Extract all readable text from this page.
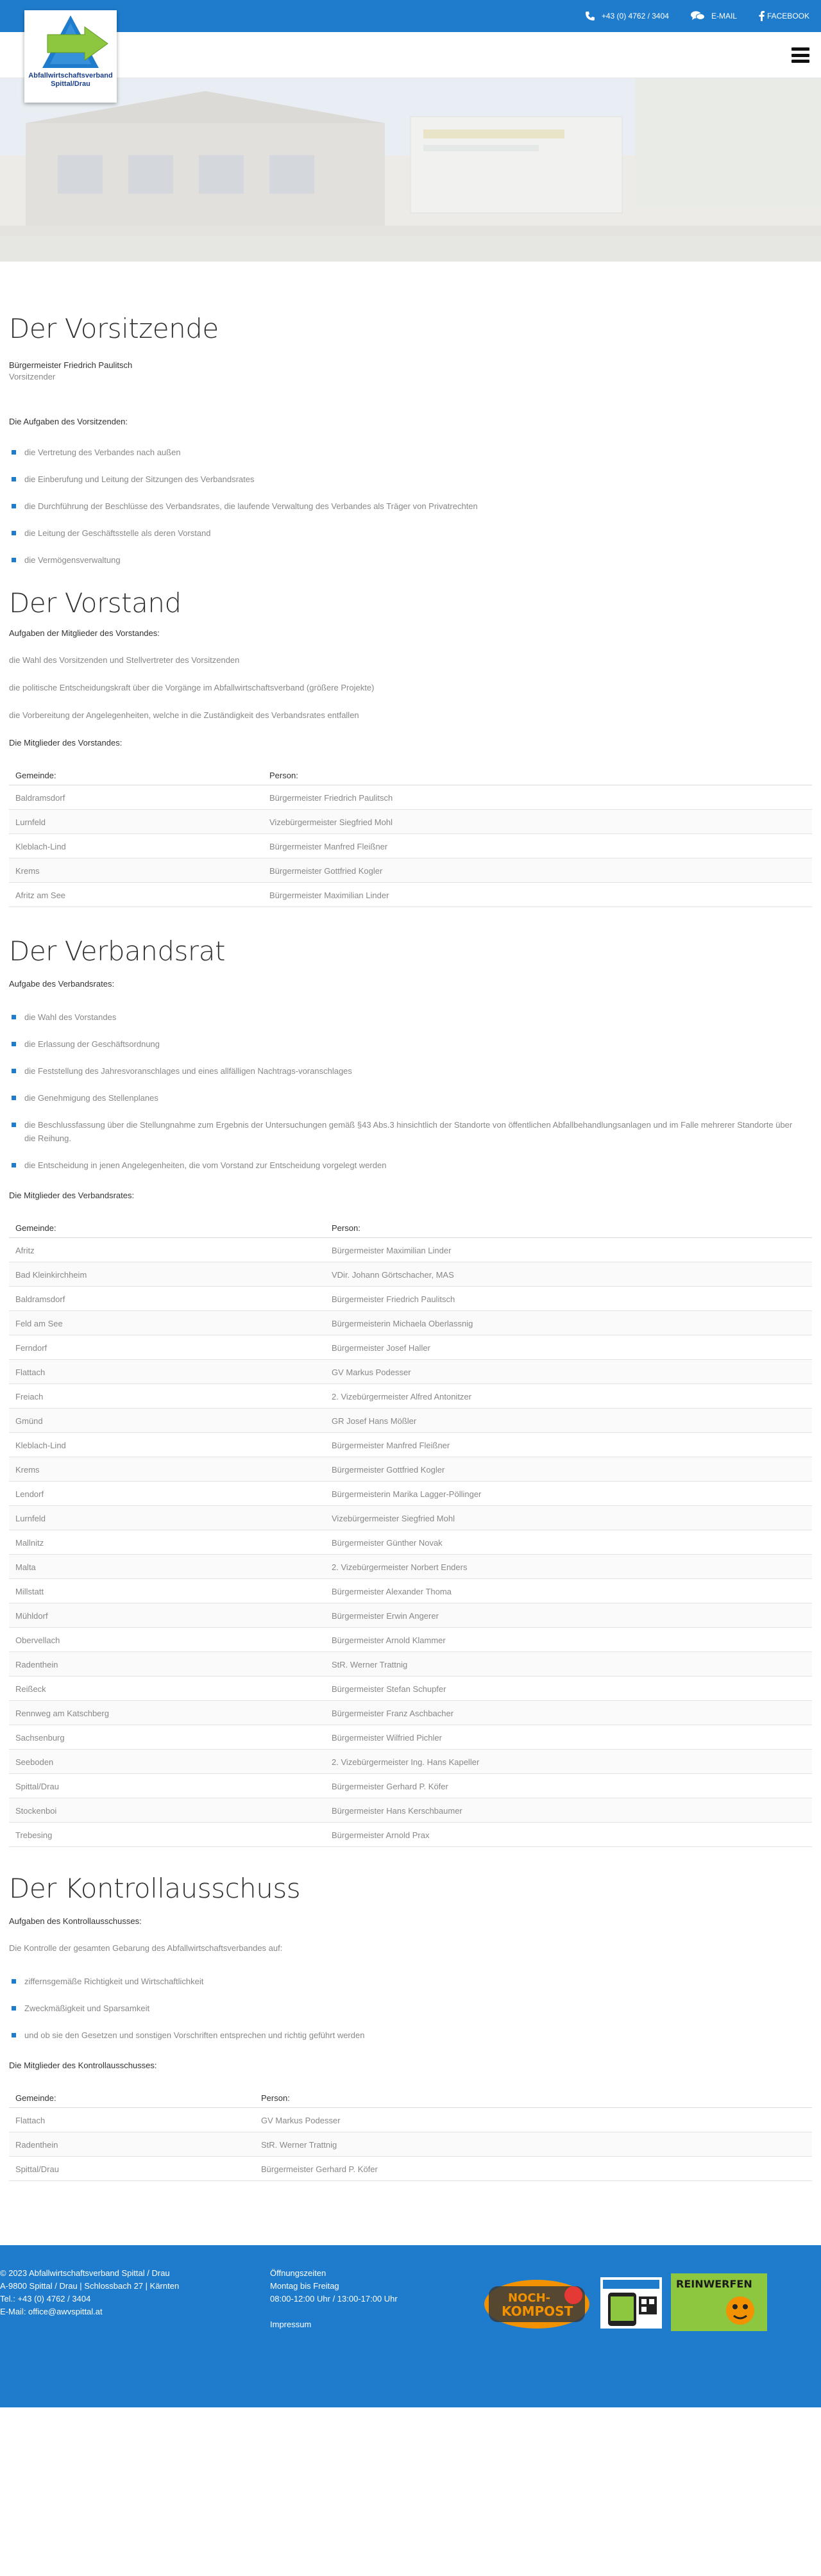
+43 (0) 4762 / 3404	E-MAIL	FACEBOOK
Abfallwirtschaftsverband
Spittal/Drau
Der Vorsitzende

Bürgermeister Friedrich Paulitsch

Vorsitzender

Die Aufgaben des Vorsitzenden:

die Vertretung des Verbandes nach außen
die Einberufung und Leitung der Sitzungen des Verbandsrates
die Durchführung der Beschlüsse des Verbandsrates, die laufende Verwaltung des Verbandes als Träger von Privatrechten
die Leitung der Geschäftsstelle als deren Vorstand
die Vermögensverwaltung
Der Vorstand

Aufgaben der Mitglieder des Vorstandes:

die Wahl des Vorsitzenden und Stellvertreter des Vorsitzenden

die politische Entscheidungskraft über die Vorgänge im Abfallwirtschaftsverband (größere Projekte)

die Vorbereitung der Angelegenheiten, welche in die Zuständigkeit des Verbandsrates entfallen

Die Mitglieder des Vorstandes:

Gemeinde:	Person:
Baldramsdorf	Bürgermeister Friedrich Paulitsch
Lurnfeld	Vizebürgermeister Siegfried Mohl
Kleblach-Lind	Bürgermeister Manfred Fleißner
Krems	Bürgermeister Gottfried Kogler
Afritz am See	Bürgermeister Maximilian Linder
Der Verbandsrat

Aufgabe des Verbandsrates:

die Wahl des Vorstandes
die Erlassung der Geschäftsordnung
die Feststellung des Jahresvoranschlages und eines allfälligen Nachtrags-voranschlages
die Genehmigung des Stellenplanes
die Beschlussfassung über die Stellungnahme zum Ergebnis der Untersuchungen gemäß §43 Abs.3 hinsichtlich der Standorte von öffentlichen Abfallbehandlungsanlagen und im Falle mehrerer Standorte über die Reihung.
die Entscheidung in jenen Angelegenheiten, die vom Vorstand zur Entscheidung vorgelegt werden

Die Mitglieder des Verbandsrates:

Gemeinde:	Person:
Afritz	Bürgermeister Maximilian Linder
Bad Kleinkirchheim	VDir. Johann Görtschacher, MAS
Baldramsdorf	Bürgermeister Friedrich Paulitsch
Feld am See	Bürgermeisterin Michaela Oberlassnig
Ferndorf	Bürgermeister Josef Haller
Flattach	GV Markus Podesser
Freiach	2. Vizebürgermeister Alfred Antonitzer
Gmünd	GR Josef Hans Mößler
Kleblach-Lind	Bürgermeister Manfred Fleißner
Krems	Bürgermeister Gottfried Kogler
Lendorf	Bürgermeisterin Marika Lagger-Pöllinger
Lurnfeld	Vizebürgermeister Siegfried Mohl
Mallnitz	Bürgermeister Günther Novak
Malta	2. Vizebürgermeister Norbert Enders
Millstatt	Bürgermeister Alexander Thoma
Mühldorf	Bürgermeister Erwin Angerer
Obervellach	Bürgermeister Arnold Klammer
Radenthein	StR. Werner Trattnig
Reißeck	Bürgermeister Stefan Schupfer
Rennweg am Katschberg	Bürgermeister Franz Aschbacher
Sachsenburg	Bürgermeister Wilfried Pichler
Seeboden	2. Vizebürgermeister Ing. Hans Kapeller
Spittal/Drau	Bürgermeister Gerhard P. Köfer
Stockenboi	Bürgermeister Hans Kerschbaumer
Trebesing	Bürgermeister Arnold Prax
Der Kontrollausschuss

Aufgaben des Kontrollausschusses:

Die Kontrolle der gesamten Gebarung des Abfallwirtschaftsverbandes auf:

ziffernsgemäße Richtigkeit und Wirtschaftlichkeit
Zweckmäßigkeit und Sparsamkeit
und ob sie den Gesetzen und sonstigen Vorschriften entsprechen und richtig geführt werden

Die Mitglieder des Kontrollausschusses:

Gemeinde:	Person:
Flattach	GV Markus Podesser
Radenthein	StR. Werner Trattnig
Spittal/Drau	Bürgermeister Gerhard P. Köfer
© 2023 Abfallwirtschaftsverband Spittal / Drau
A-9800 Spittal / Drau | Schlossbach 27 | Kärnten
Tel.: +43 (0) 4762 / 3404
E-Mail: office@awvspittal.at
Öffnungszeiten
Montag bis Freitag
08:00-12:00 Uhr / 13:00-17:00 Uhr
Impressum
NOCH-
KOMPOST
REINWERFEN
